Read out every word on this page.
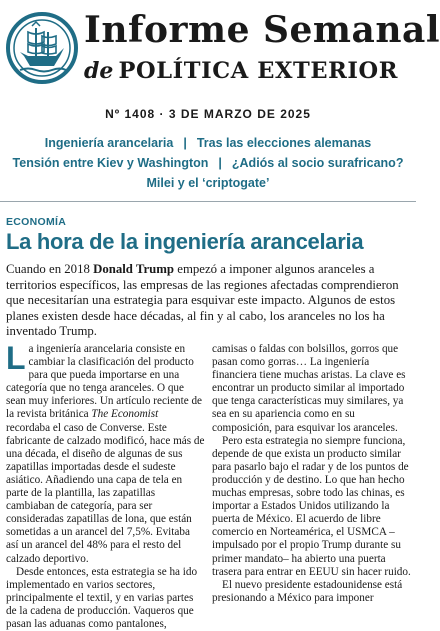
Informe Semanal
de POLÍTICA EXTERIOR
Nº 1408 · 3 DE MARZO DE 2025
Ingeniería arancelaria | Tras las elecciones alemanas
Tensión entre Kiev y Washington | ¿Adiós al socio surafricano?
Milei y el ‘criptogate’
ECONOMÍA
La hora de la ingeniería arancelaria
Cuando en 2018 Donald Trump empezó a imponer algunos aranceles a territorios específicos, las empresas de las regiones afectadas comprendieron que necesitarían una estrategia para esquivar este impacto. Algunos de estos planes existen desde hace décadas, al fin y al cabo, los aranceles no los ha inventado Trump.

La ingeniería arancelaria consiste en cambiar la clasificación del producto para que pueda importarse en una categoría que no tenga aranceles. O que sean muy inferiores. Un artículo reciente de la revista británica The Economist recordaba el caso de Converse. Este fabricante de calzado modificó, hace más de una década, el diseño de algunas de sus zapatillas importadas desde el sudeste asiático. Añadiendo una capa de tela en parte de la plantilla, las zapatillas cambiaban de categoría, para ser consideradas zapatillas de lona, que están sometidas a un arancel del 7,5%. Evitaba así un arancel del 48% para el resto del calzado deportivo.

Desde entonces, esta estrategia se ha ido implementado en varios sectores, principalmente el textil, y en varias partes de la cadena de producción. Vaqueros que pasan las aduanas como pantalones,

camisas o faldas con bolsillos, gorros que pasan como gorras… La ingeniería financiera tiene muchas aristas. La clave es encontrar un producto similar al importado que tenga características muy similares, ya sea en su apariencia como en su composición, para esquivar los aranceles.

Pero esta estrategia no siempre funciona, depende de que exista un producto similar para pasarlo bajo el radar y de los puntos de producción y de destino. Lo que han hecho muchas empresas, sobre todo las chinas, es importar a Estados Unidos utilizando la puerta de México. El acuerdo de libre comercio en Norteamérica, el USMCA –impulsado por el propio Trump durante su primer mandato– ha abierto una puerta trasera para entrar en EEUU sin hacer ruido.

El nuevo presidente estadounidense está presionando a México para imponer
